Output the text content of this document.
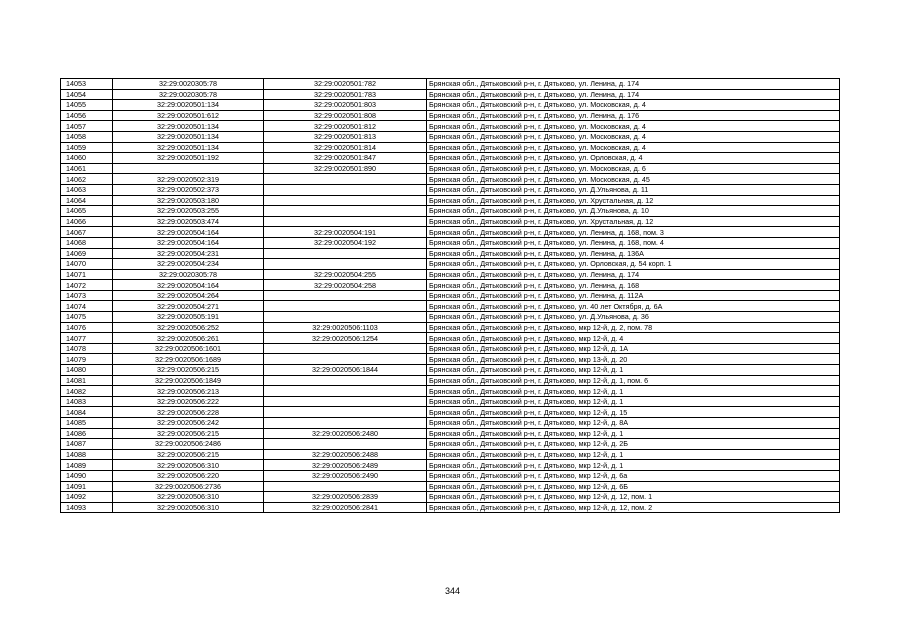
14053	32:29:0020305:78	32:29:0020501:782	Брянская обл., Дятьковский р-н, г. Дятьково, ул. Ленина, д. 174
14054	32:29:0020305:78	32:29:0020501:783	Брянская обл., Дятьковский р-н, г. Дятьково, ул. Ленина, д. 174
14055	32:29:0020501:134	32:29:0020501:803	Брянская обл., Дятьковский р-н, г. Дятьково, ул. Московская, д. 4
14056	32:29:0020501:612	32:29:0020501:808	Брянская обл., Дятьковский р-н, г. Дятьково, ул. Ленина, д. 176
14057	32:29:0020501:134	32:29:0020501:812	Брянская обл., Дятьковский р-н, г. Дятьково, ул. Московская, д. 4
14058	32:29:0020501:134	32:29:0020501:813	Брянская обл., Дятьковский р-н, г. Дятьково, ул. Московская, д. 4
14059	32:29:0020501:134	32:29:0020501:814	Брянская обл., Дятьковский р-н, г. Дятьково, ул. Московская, д. 4
14060	32:29:0020501:192	32:29:0020501:847	Брянская обл., Дятьковский р-н, г. Дятьково, ул. Орловская, д. 4
14061		32:29:0020501:890	Брянская обл., Дятьковский р-н, г. Дятьково, ул. Московская, д. 6
14062	32:29:0020502:319		Брянская обл., Дятьковский р-н, г. Дятьково, ул. Московская, д. 45
14063	32:29:0020502:373		Брянская обл., Дятьковский р-н, г. Дятьково, ул. Д.Ульянова, д. 11
14064	32:29:0020503:180		Брянская обл., Дятьковский р-н, г. Дятьково, ул. Хрустальная, д. 12
14065	32:29:0020503:255		Брянская обл., Дятьковский р-н, г. Дятьково, ул. Д.Ульянова, д. 10
14066	32:29:0020503:474		Брянская обл., Дятьковский р-н, г. Дятьково, ул. Хрустальная, д. 12
14067	32:29:0020504:164	32:29:0020504:191	Брянская обл., Дятьковский р-н, г. Дятьково, ул. Ленина, д. 168, пом. 3
14068	32:29:0020504:164	32:29:0020504:192	Брянская обл., Дятьковский р-н, г. Дятьково, ул. Ленина, д. 168, пом. 4
14069	32:29:0020504:231		Брянская обл., Дятьковский р-н, г. Дятьково, ул. Ленина, д. 136А
14070	32:29:0020504:234		Брянская обл., Дятьковский р-н, г. Дятьково, ул. Орловская, д. 54 корп. 1
14071	32:29:0020305:78	32:29:0020504:255	Брянская обл., Дятьковский р-н, г. Дятьково, ул. Ленина, д. 174
14072	32:29:0020504:164	32:29:0020504:258	Брянская обл., Дятьковский р-н, г. Дятьково, ул. Ленина, д. 168
14073	32:29:0020504:264		Брянская обл., Дятьковский р-н, г. Дятьково, ул. Ленина, д. 112А
14074	32:29:0020504:271		Брянская обл., Дятьковский р-н, г. Дятьково, ул. 40 лет Октября, д. 6А
14075	32:29:0020505:191		Брянская обл., Дятьковский р-н, г. Дятьково, ул. Д.Ульянова, д. 36
14076	32:29:0020506:252	32:29:0020506:1103	Брянская обл., Дятьковский р-н, г. Дятьково, мкр 12-й, д. 2, пом. 78
14077	32:29:0020506:261	32:29:0020506:1254	Брянская обл., Дятьковский р-н, г. Дятьково, мкр 12-й, д. 4
14078	32:29:0020506:1601		Брянская обл., Дятьковский р-н, г. Дятьково, мкр 12-й, д. 1А
14079	32:29:0020506:1689		Брянская обл., Дятьковский р-н, г. Дятьково, мкр 13-й, д. 20
14080	32:29:0020506:215	32:29:0020506:1844	Брянская обл., Дятьковский р-н, г. Дятьково, мкр 12-й, д. 1
14081	32:29:0020506:1849		Брянская обл., Дятьковский р-н, г. Дятьково, мкр 12-й, д. 1, пом. 6
14082	32:29:0020506:213		Брянская обл., Дятьковский р-н, г. Дятьково, мкр 12-й, д. 1
14083	32:29:0020506:222		Брянская обл., Дятьковский р-н, г. Дятьково, мкр 12-й, д. 1
14084	32:29:0020506:228		Брянская обл., Дятьковский р-н, г. Дятьково, мкр 12-й, д. 15
14085	32:29:0020506:242		Брянская обл., Дятьковский р-н, г. Дятьково, мкр 12-й, д. 8А
14086	32:29:0020506:215	32:29:0020506:2480	Брянская обл., Дятьковский р-н, г. Дятьково, мкр 12-й, д. 1
14087	32:29:0020506:2486		Брянская обл., Дятьковский р-н, г. Дятьково, мкр 12-й, д. 2Б
14088	32:29:0020506:215	32:29:0020506:2488	Брянская обл., Дятьковский р-н, г. Дятьково, мкр 12-й, д. 1
14089	32:29:0020506:310	32:29:0020506:2489	Брянская обл., Дятьковский р-н, г. Дятьково, мкр 12-й, д. 1
14090	32:29:0020506:220	32:29:0020506:2490	Брянская обл., Дятьковский р-н, г. Дятьково, мкр 12-й, д. 6а
14091	32:29:0020506:2736		Брянская обл., Дятьковский р-н, г. Дятьково, мкр 12-й, д. 6Б
14092	32:29:0020506:310	32:29:0020506:2839	Брянская обл., Дятьковский р-н, г. Дятьково, мкр 12-й, д. 12, пом. 1
14093	32:29:0020506:310	32:29:0020506:2841	Брянская обл., Дятьковский р-н, г. Дятьково, мкр 12-й, д. 12, пом. 2
344
